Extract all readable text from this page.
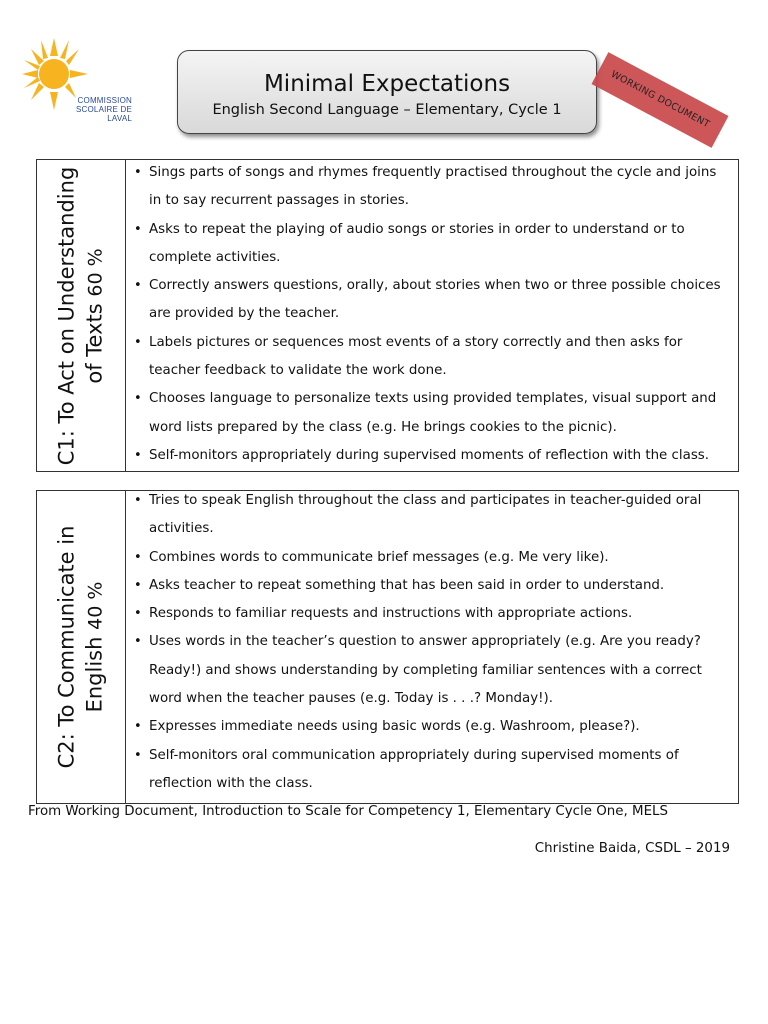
COMMISSION
SCOLAIRE DE LAVAL
Minimal Expectations
English Second Language – Elementary, Cycle 1	WORKING DOCUMENT
C1: To Act on Understanding of Texts 60 %
• Sings parts of songs and rhymes frequently practised throughout the cycle and joins in to say recurrent passages in stories.
• Asks to repeat the playing of audio songs or stories in order to understand or to complete activities.
• Correctly answers questions, orally, about stories when two or three possible choices are provided by the teacher.
• Labels pictures or sequences most events of a story correctly and then asks for teacher feedback to validate the work done.
• Chooses language to personalize texts using provided templates, visual support and word lists prepared by the class (e.g. He brings cookies to the picnic).
• Self-monitors appropriately during supervised moments of reflection with the class.
C2: To Communicate in English 40 %
• Tries to speak English throughout the class and participates in teacher-guided oral activities.
• Combines words to communicate brief messages (e.g. Me very like).
• Asks teacher to repeat something that has been said in order to understand.
• Responds to familiar requests and instructions with appropriate actions.
• Uses words in the teacher’s question to answer appropriately (e.g. Are you ready? Ready!) and shows understanding by completing familiar sentences with a correct word when the teacher pauses (e.g. Today is . . .? Monday!).
• Expresses immediate needs using basic words (e.g. Washroom, please?).
• Self-monitors oral communication appropriately during supervised moments of reflection with the class.
From Working Document, Introduction to Scale for Competency 1, Elementary Cycle One, MELS
Christine Baida, CSDL – 2019
